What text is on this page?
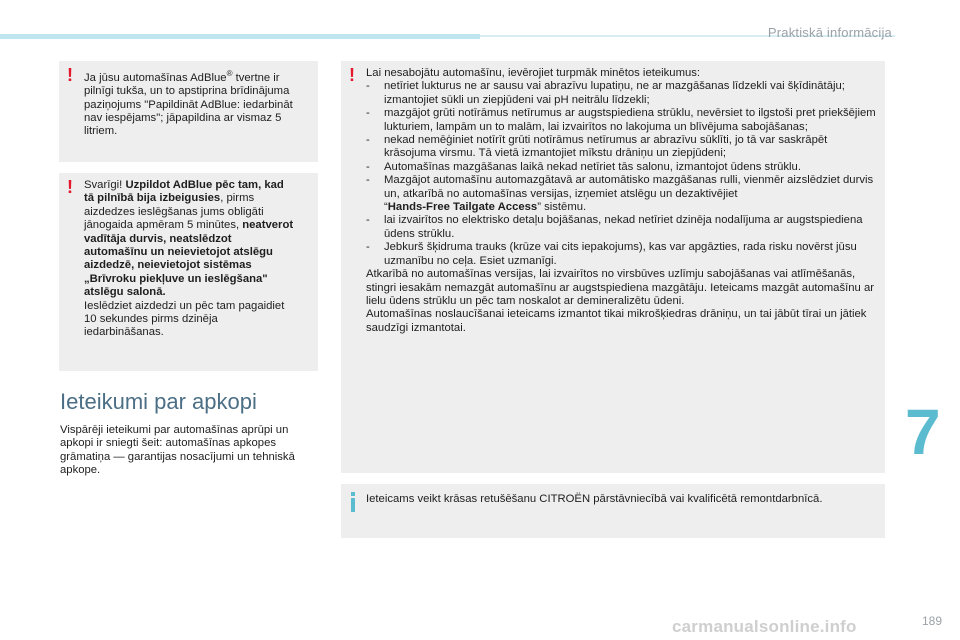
Praktiskā informācija
! Ja jūsu automašīnas AdBlue® tvertne ir pilnīgi tukša, un to apstiprina brīdinājuma paziņojums "Papildināt AdBlue: iedarbināt nav iespējams"; jāpapildina ar vismaz 5 litriem.

! Svarīgi! Uzpildot AdBlue pēc tam, kad tā pilnībā bija izbeigusies, pirms aizdedzes ieslēgšanas jums obligāti jānogaida apmēram 5 minūtes, neatverot vadītāja durvis, neatslēdzot automašīnu un neievietojot atslēgu aizdedzē, neievietojot sistēmas „Brīvroku piekļuve un ieslēgšana" atslēgu salonā.

Ieslēdziet aizdedzi un pēc tam pagaidiet 10 sekundes pirms dzinēja iedarbināšanas.

Ieteikumi par apkopi
Vispārēji ieteikumi par automašīnas aprūpi un apkopi ir sniegti šeit: automašīnas apkopes grāmatiņa — garantijas nosacījumi un tehniskā apkope.
! Lai nesabojātu automašīnu, ievērojiet turpmāk minētos ieteikumus:

- netīriet lukturus ne ar sausu vai abrazīvu lupatiņu, ne ar mazgāšanas līdzekli vai šķīdinātāju; izmantojiet sūkli un ziepjūdeni vai pH neitrālu līdzekli;
- mazgājot grūti notīrāmus netīrumus ar augstspiediena strūklu, nevērsiet to ilgstoši pret priekšējiem lukturiem, lampām un to malām, lai izvairītos no lakojuma un blīvējuma sabojāšanas;
- nekad nemēģiniet notīrīt grūti notīrāmus netīrumus ar abrazīvu sūklīti, jo tā var saskrāpēt krāsojuma virsmu. Tā vietā izmantojiet mīkstu drāniņu un ziepjūdeni;
- Automašīnas mazgāšanas laikā nekad netīriet tās salonu, izmantojot ūdens strūklu.
- Mazgājot automašīnu automazgātavā ar automātisko mazgāšanas rulli, vienmēr aizslēdziet durvis un, atkarībā no automašīnas versijas, izņemiet atslēgu un dezaktivējiet
“Hands-Free Tailgate Access” sistēmu.
- lai izvairītos no elektrisko detaļu bojāšanas, nekad netīriet dzinēja nodalījuma ar augstspiediena ūdens strūklu.
- Jebkurš šķidruma trauks (krūze vai cits iepakojums), kas var apgāzties, rada risku novērst jūsu uzmanību no ceļa. Esiet uzmanīgi.

Atkarībā no automašīnas versijas, lai izvairītos no virsbūves uzlīmju sabojāšanas vai atlīmēšanās, stingri iesakām nemazgāt automašīnu ar augstspiediena mazgātāju. Ieteicams mazgāt automašīnu ar lielu ūdens strūklu un pēc tam noskalot ar demineralizētu ūdeni.

Automašīnas noslaucīšanai ieteicams izmantot tikai mikrošķiedras drāniņu, un tai jābūt tīrai un jātiek saudzīgi izmantotai.

Ieteicams veikt krāsas retušēšanu CITROËN pārstāvniecībā vai kvalificētā remontdarbnīcā.
7
189
carmanualsonline.info
